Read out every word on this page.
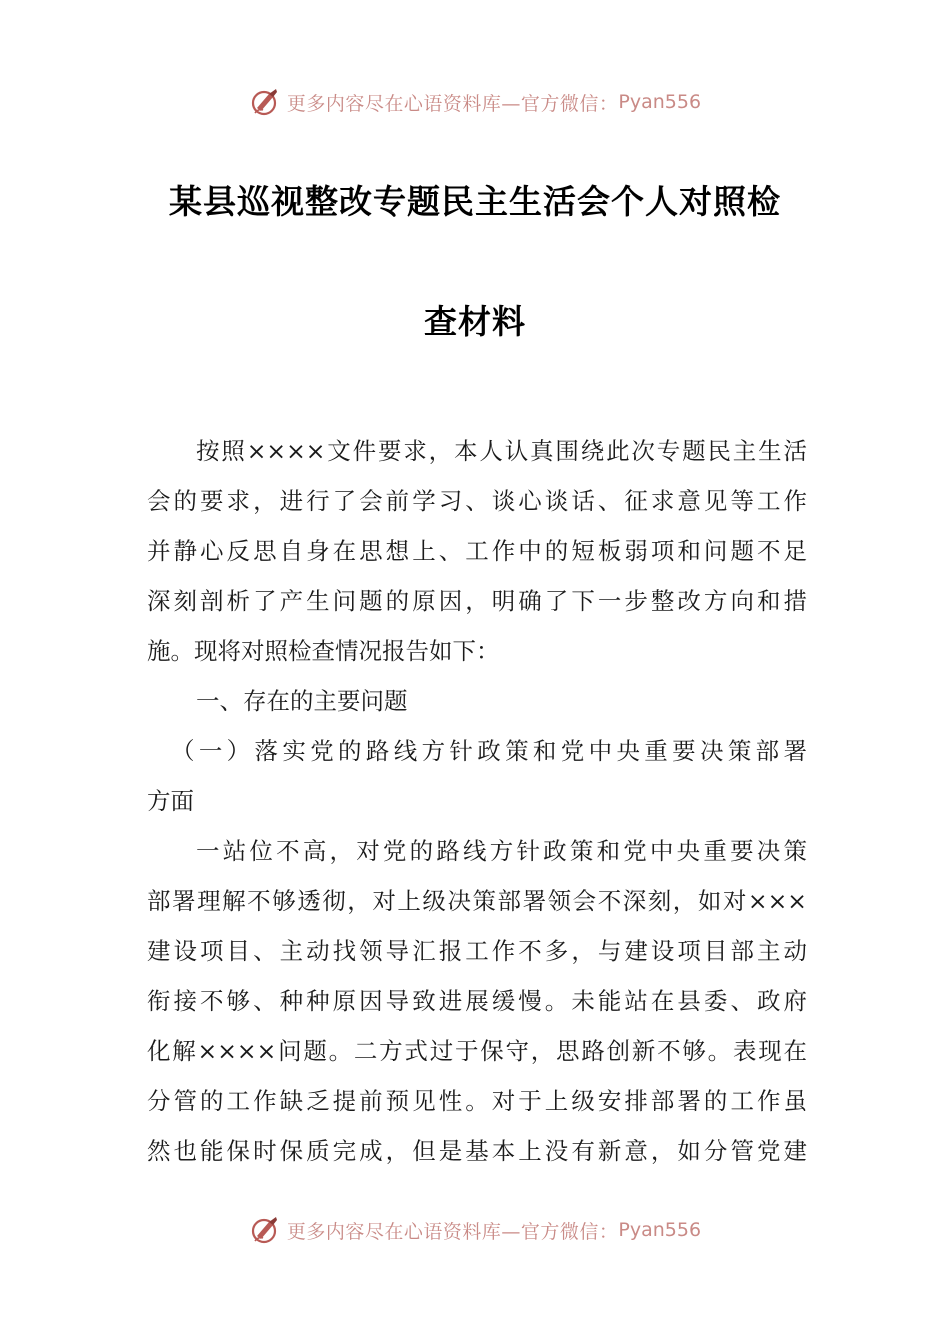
更多内容尽在心语资料库—官方微信： Pyan556
某县巡视整改专题民主生活会个人对照检
查材料
按照××××文件要求，本人认真围绕此次专题民主生活
会的要求，进行了会前学习、谈心谈话、征求意见等工作
并静心反思自身在思想上、工作中的短板弱项和问题不足
深刻剖析了产生问题的原因，明确了下一步整改方向和措
施。现将对照检查情况报告如下：
一、存在的主要问题
（一）落实党的路线方针政策和党中央重要决策部署
方面
一站位不高，对党的路线方针政策和党中央重要决策
部署理解不够透彻，对上级决策部署领会不深刻，如对×××
建设项目、主动找领导汇报工作不多，与建设项目部主动
衔接不够、种种原因导致进展缓慢。未能站在县委、政府
化解××××问题。二方式过于保守，思路创新不够。表现在
分管的工作缺乏提前预见性。对于上级安排部署的工作虽
然也能保时保质完成，但是基本上没有新意，如分管党建
更多内容尽在心语资料库—官方微信： Pyan556
